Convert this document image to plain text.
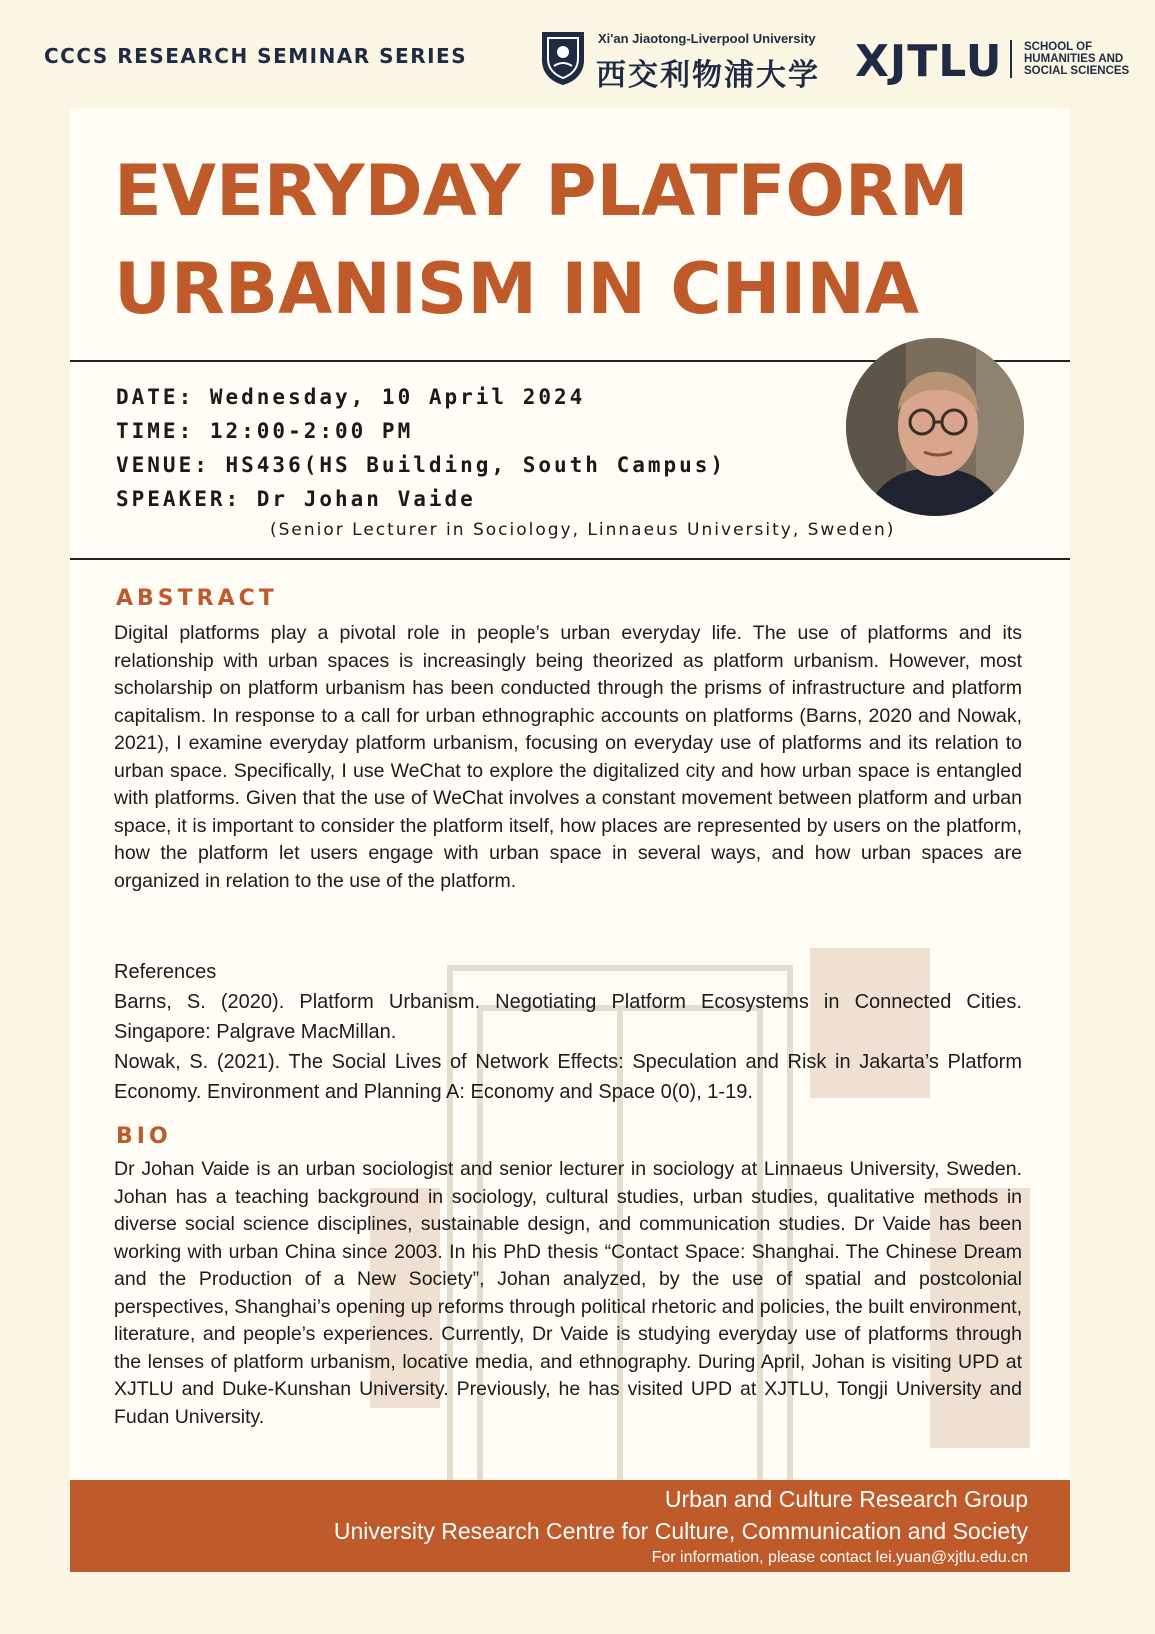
CCCS RESEARCH SEMINAR SERIES
Xi'an Jiaotong-Liverpool University
西交利物浦大学 XJTLU SCHOOL OF
HUMANITIES AND
SOCIAL SCIENCES
EVERYDAY PLATFORM
URBANISM IN CHINA
DATE: Wednesday, 10 April 2024
TIME: 12:00-2:00 PM
VENUE: HS436(HS Building, South Campus)
SPEAKER: Dr Johan Vaide
(Senior Lecturer in Sociology, Linnaeus University, Sweden)
ABSTRACT

Digital platforms play a pivotal role in people’s urban everyday life. The use of platforms and its relationship with urban spaces is increasingly being theorized as platform urbanism. However, most scholarship on platform urbanism has been conducted through the prisms of infrastructure and platform capitalism. In response to a call for urban ethnographic accounts on platforms (Barns, 2020 and Nowak, 2021), I examine everyday platform urbanism, focusing on everyday use of platforms and its relation to urban space. Specifically, I use WeChat to explore the digitalized city and how urban space is entangled with platforms. Given that the use of WeChat involves a constant movement between platform and urban space, it is important to consider the platform itself, how places are represented by users on the platform, how the platform let users engage with urban space in several ways, and how urban spaces are organized in relation to the use of the platform.

References

Barns, S. (2020). Platform Urbanism. Negotiating Platform Ecosystems in Connected Cities. Singapore: Palgrave MacMillan.

Nowak, S. (2021). The Social Lives of Network Effects: Speculation and Risk in Jakarta’s Platform Economy. Environment and Planning A: Economy and Space 0(0), 1-19.

BIO

Dr Johan Vaide is an urban sociologist and senior lecturer in sociology at Linnaeus University, Sweden. Johan has a teaching background in sociology, cultural studies, urban studies, qualitative methods in diverse social science disciplines, sustainable design, and communication studies. Dr Vaide has been working with urban China since 2003. In his PhD thesis “Contact Space: Shanghai. The Chinese Dream and the Production of a New Society”, Johan analyzed, by the use of spatial and postcolonial perspectives, Shanghai’s opening up reforms through political rhetoric and policies, the built environment, literature, and people’s experiences. Currently, Dr Vaide is studying everyday use of platforms through the lenses of platform urbanism, locative media, and ethnography. During April, Johan is visiting UPD at XJTLU and Duke-Kunshan University. Previously, he has visited UPD at XJTLU, Tongji University and Fudan University.

Urban and Culture Research Group
University Research Centre for Culture, Communication and Society
For information, please contact lei.yuan@xjtlu.edu.cn
